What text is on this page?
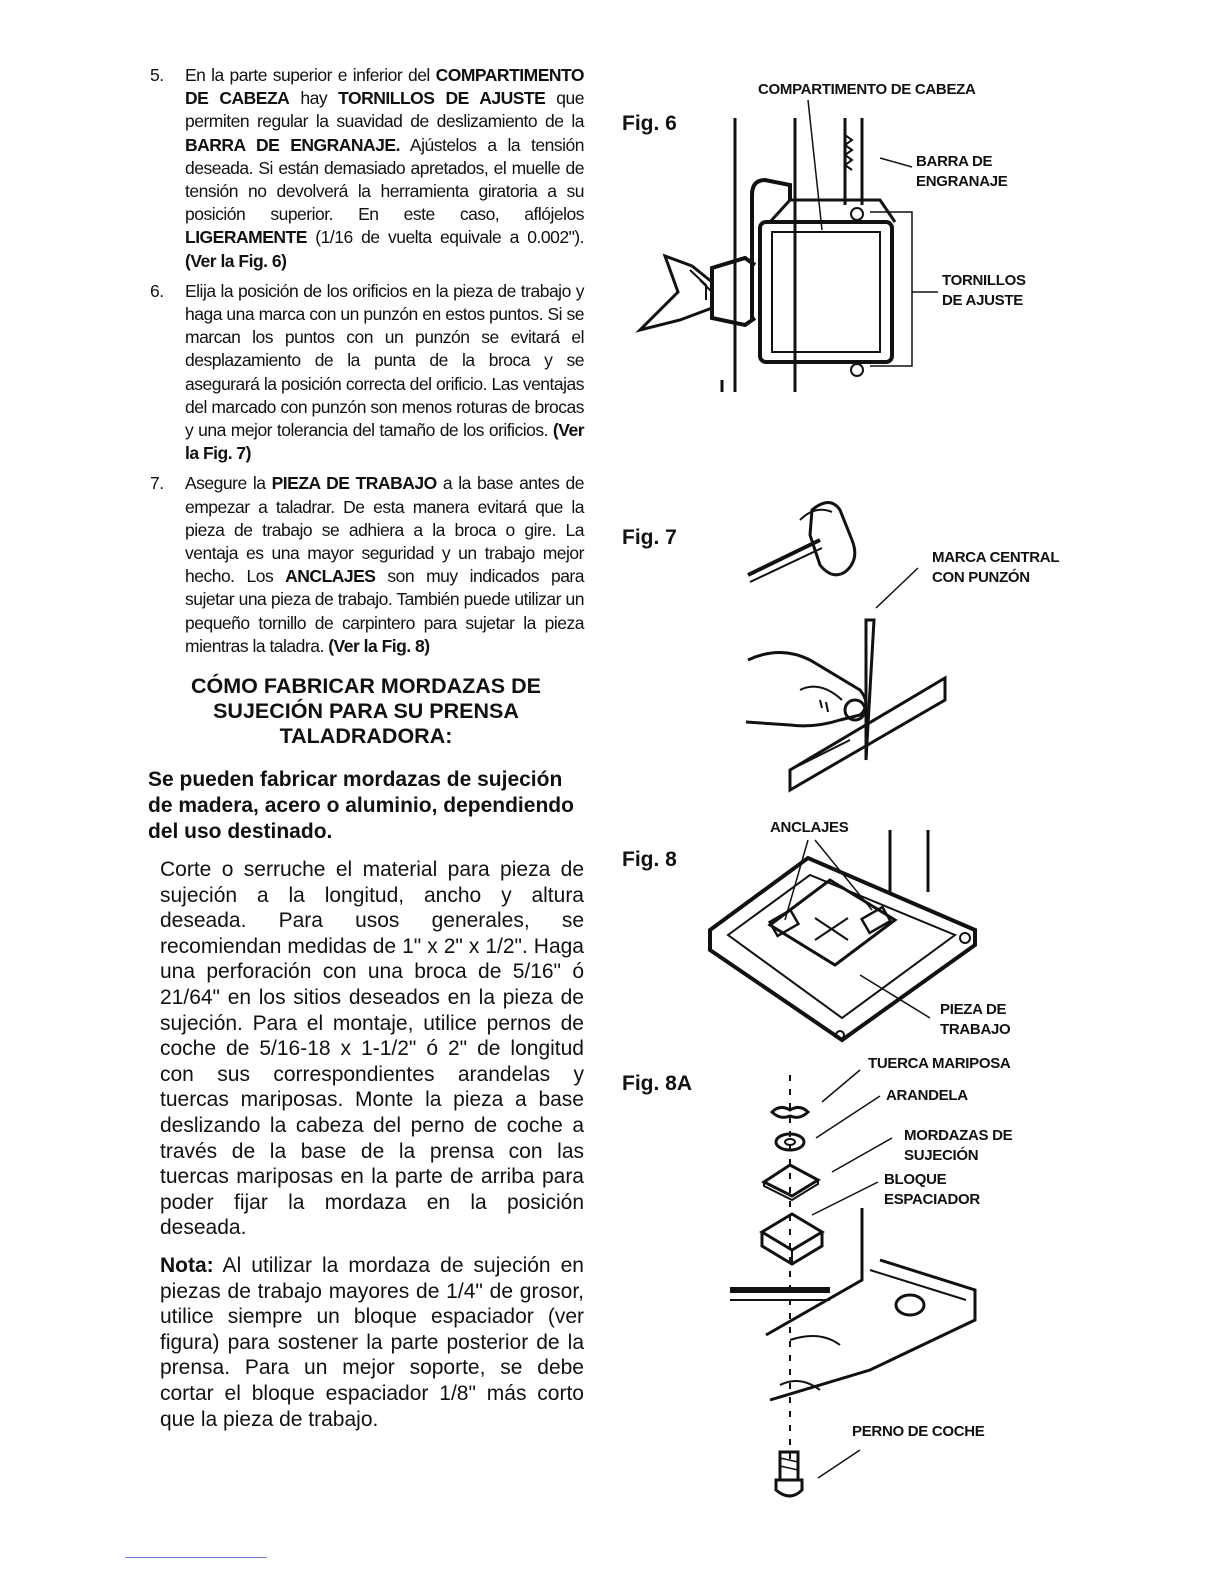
5. En la parte superior e inferior del COMPARTIMENTO DE CABEZA hay TORNILLOS DE AJUSTE que permiten regular la suavidad de deslizamiento de la BARRA DE ENGRANAJE. Ajústelos a la tensión deseada. Si están demasiado apretados, el muelle de tensión no devolverá la herramienta giratoria a su posición superior. En este caso, aflójelos LIGERAMENTE (1/16 de vuelta equivale a 0.002"). (Ver la Fig. 6)
6. Elija la posición de los orificios en la pieza de trabajo y haga una marca con un punzón en estos puntos. Si se marcan los puntos con un punzón se evitará el desplazamiento de la punta de la broca y se asegurará la posición correcta del orificio. Las ventajas del marcado con punzón son menos roturas de brocas y una mejor tolerancia del tamaño de los orificios. (Ver la Fig. 7)
7. Asegure la PIEZA DE TRABAJO a la base antes de empezar a taladrar. De esta manera evitará que la pieza de trabajo se adhiera a la broca o gire. La ventaja es una mayor seguridad y un trabajo mejor hecho. Los ANCLAJES son muy indicados para sujetar una pieza de trabajo. También puede utilizar un pequeño tornillo de carpintero para sujetar la pieza mientras la taladra. (Ver la Fig. 8)
CÓMO FABRICAR MORDAZAS DE
SUJECIÓN PARA SU PRENSA
TALADRADORA:
Se pueden fabricar mordazas de sujeción de madera, acero o aluminio, dependiendo del uso destinado.
Corte o serruche el material para pieza de sujeción a la longitud, ancho y altura deseada. Para usos generales, se recomiendan medidas de 1" x 2" x 1/2". Haga una perforación con una broca de 5/16" ó 21/64" en los sitios deseados en la pieza de sujeción. Para el montaje, utilice pernos de coche de 5/16-18 x 1-1/2" ó 2" de longitud con sus correspondientes arandelas y tuercas mariposas. Monte la pieza a base deslizando la cabeza del perno de coche a través de la base de la prensa con las tuercas mariposas en la parte de arriba para poder fijar la mordaza en la posición deseada.
Nota: Al utilizar la mordaza de sujeción en piezas de trabajo mayores de 1/4" de grosor, utilice siempre un bloque espaciador (ver figura) para sostener la parte posterior de la prensa. Para un mejor soporte, se debe cortar el bloque espaciador 1/8" más corto que la pieza de trabajo.
Fig. 6
COMPARTIMENTO DE CABEZA
BARRA DE
ENGRANAJE
TORNILLOS
DE AJUSTE
Fig. 7
MARCA CENTRAL
CON PUNZÓN
Fig. 8
ANCLAJES
PIEZA DE
TRABAJO
Fig. 8A
TUERCA MARIPOSA
ARANDELA
MORDAZAS DE
SUJECIÓN
BLOQUE
ESPACIADOR
PERNO DE COCHE
